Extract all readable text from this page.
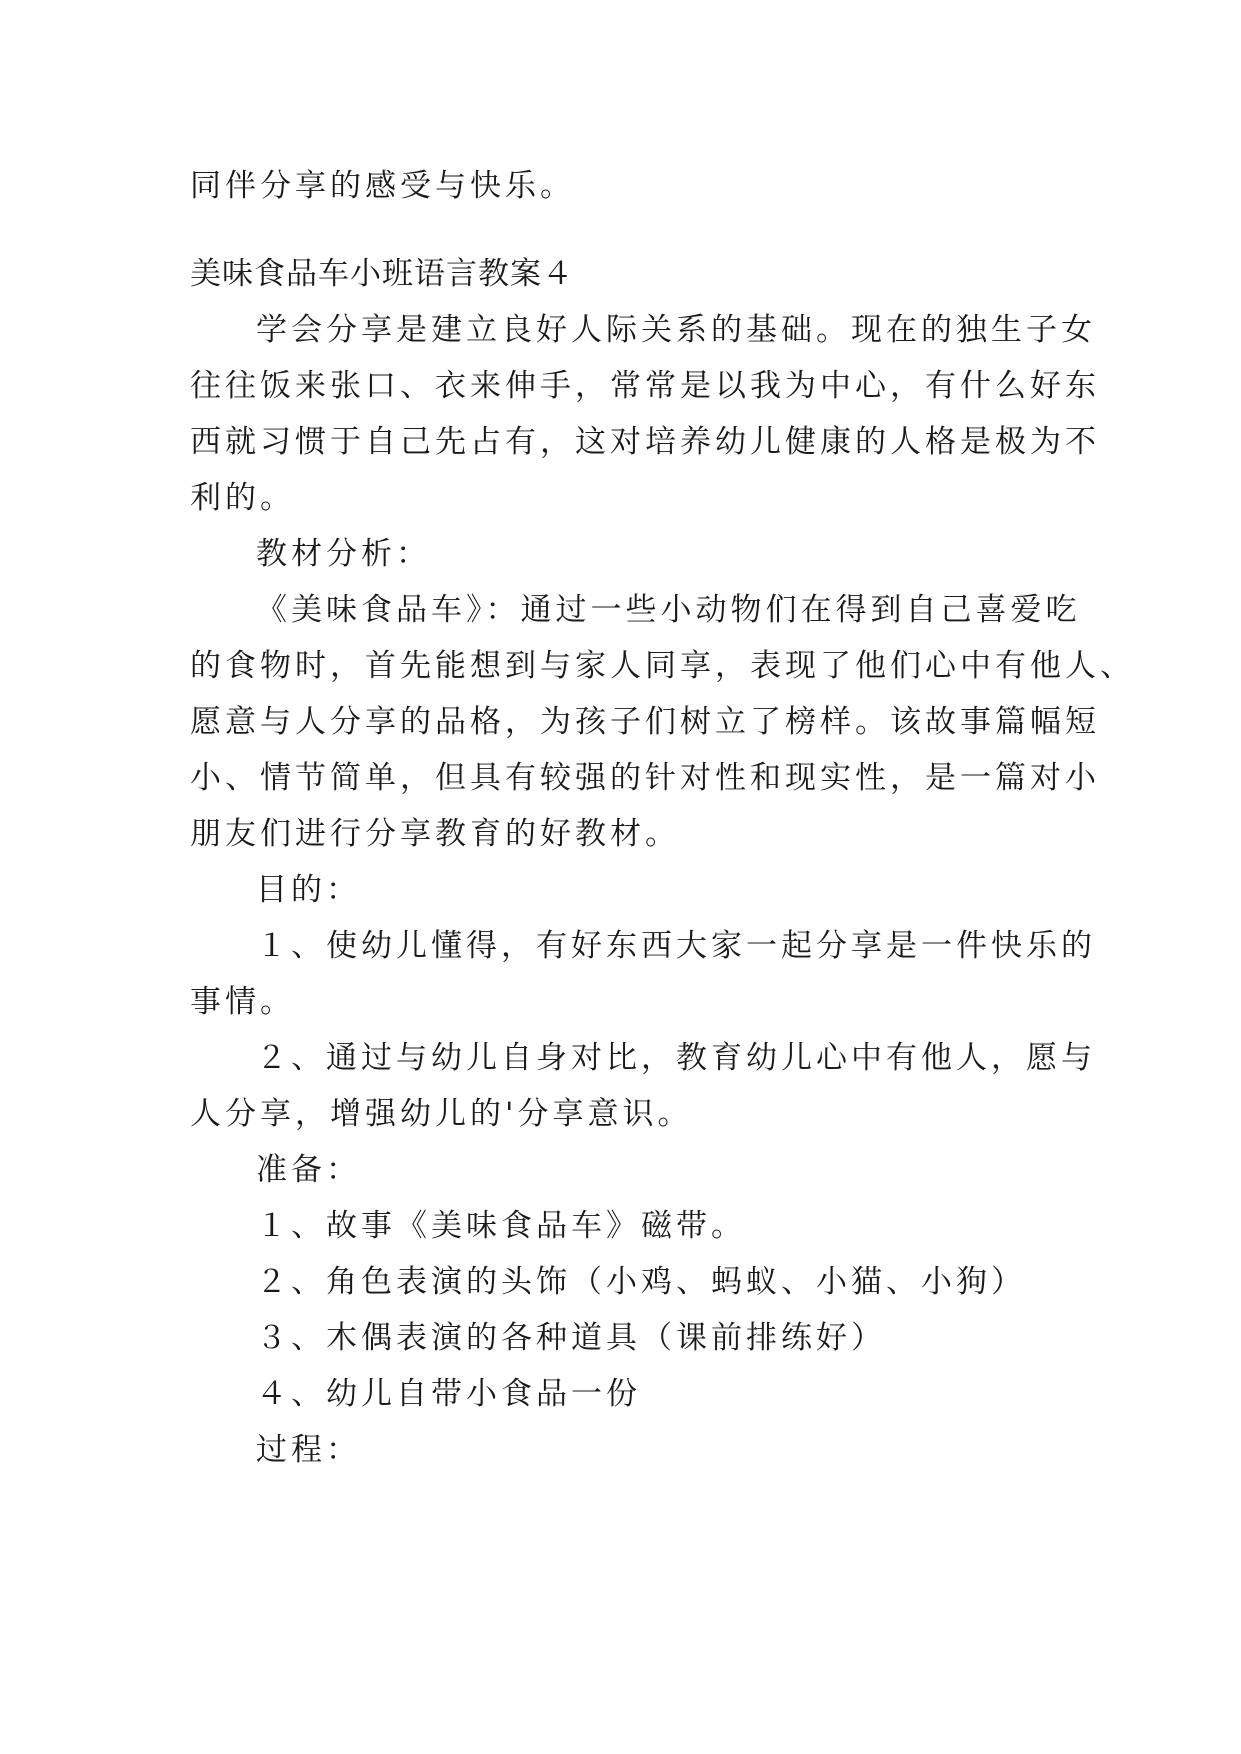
同伴分享的感受与快乐。
美味食品车小班语言教案４
学会分享是建立良好人际关系的基础。现在的独生子女
往往饭来张口、衣来伸手，常常是以我为中心，有什么好东
西就习惯于自己先占有，这对培养幼儿健康的人格是极为不
利的。
教材分析：
《美味食品车》：通过一些小动物们在得到自己喜爱吃
的食物时，首先能想到与家人同享，表现了他们心中有他人、
愿意与人分享的品格，为孩子们树立了榜样。该故事篇幅短
小、情节简单，但具有较强的针对性和现实性，是一篇对小
朋友们进行分享教育的好教材。
目的：
１、使幼儿懂得，有好东西大家一起分享是一件快乐的
事情。
２、通过与幼儿自身对比，教育幼儿心中有他人，愿与
人分享，增强幼儿的'分享意识。
准备：
１、故事《美味食品车》磁带。
２、角色表演的头饰（小鸡、蚂蚁、小猫、小狗）
３、木偶表演的各种道具（课前排练好）
４、幼儿自带小食品一份
过程：
